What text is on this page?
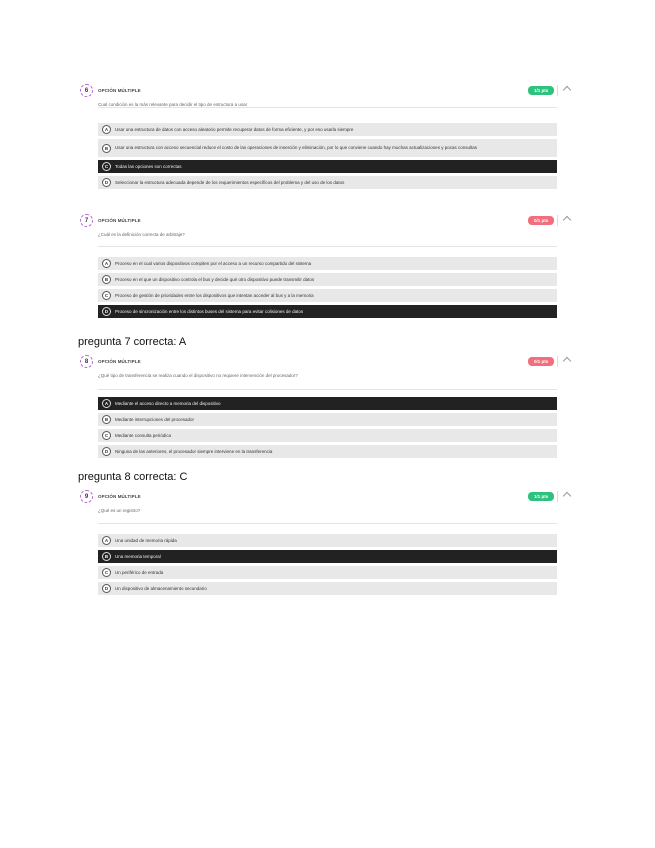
6	OPCIÓN MÚLTIPLE	1/1 pts
Cual condición es la más relevante para decidir el tipo de estructura a usar
A	Usar una estructura de datos con acceso aleatorio permite recuperar datos de forma eficiente, y por eso usarla siempre
B	Usar una estructura con acceso secuencial reduce el costo de las operaciones de inserción y eliminación, por lo que conviene cuando hay muchas actualizaciones y pocas consultas
C	Todas las opciones son correctas
D	Seleccionar la estructura adecuada depende de los requerimientos específicos del problema y del uso de los datos
7	OPCIÓN MÚLTIPLE	0/1 pts
¿Cuál es la definición correcta de arbitraje?
A	Proceso en el cual varios dispositivos compiten por el acceso a un recurso compartido del sistema
B	Proceso en el que un dispositivo controla el bus y decide qué otro dispositivo puede transmitir datos
C	Proceso de gestión de prioridades entre los dispositivos que intentan acceder al bus y a la memoria
D	Proceso de sincronización entre los distintos buses del sistema para evitar colisiones de datos
pregunta 7 correcta: A
8	OPCIÓN MÚLTIPLE	0/1 pts
¿Qué tipo de transferencia se realiza cuando el dispositivo no requiere intervención del procesador?
A	Mediante el acceso directo a memoria del dispositivo
B	Mediante interrupciones del procesador
C	Mediante consulta periódica
D	Ninguna de las anteriores, el procesador siempre interviene en la transferencia
pregunta 8 correcta: C
9	OPCIÓN MÚLTIPLE	1/1 pts
¿Qué es un registro?
A	Una unidad de memoria rápida
B	Una memoria temporal
C	Un periférico de entrada
D	Un dispositivo de almacenamiento secundario
